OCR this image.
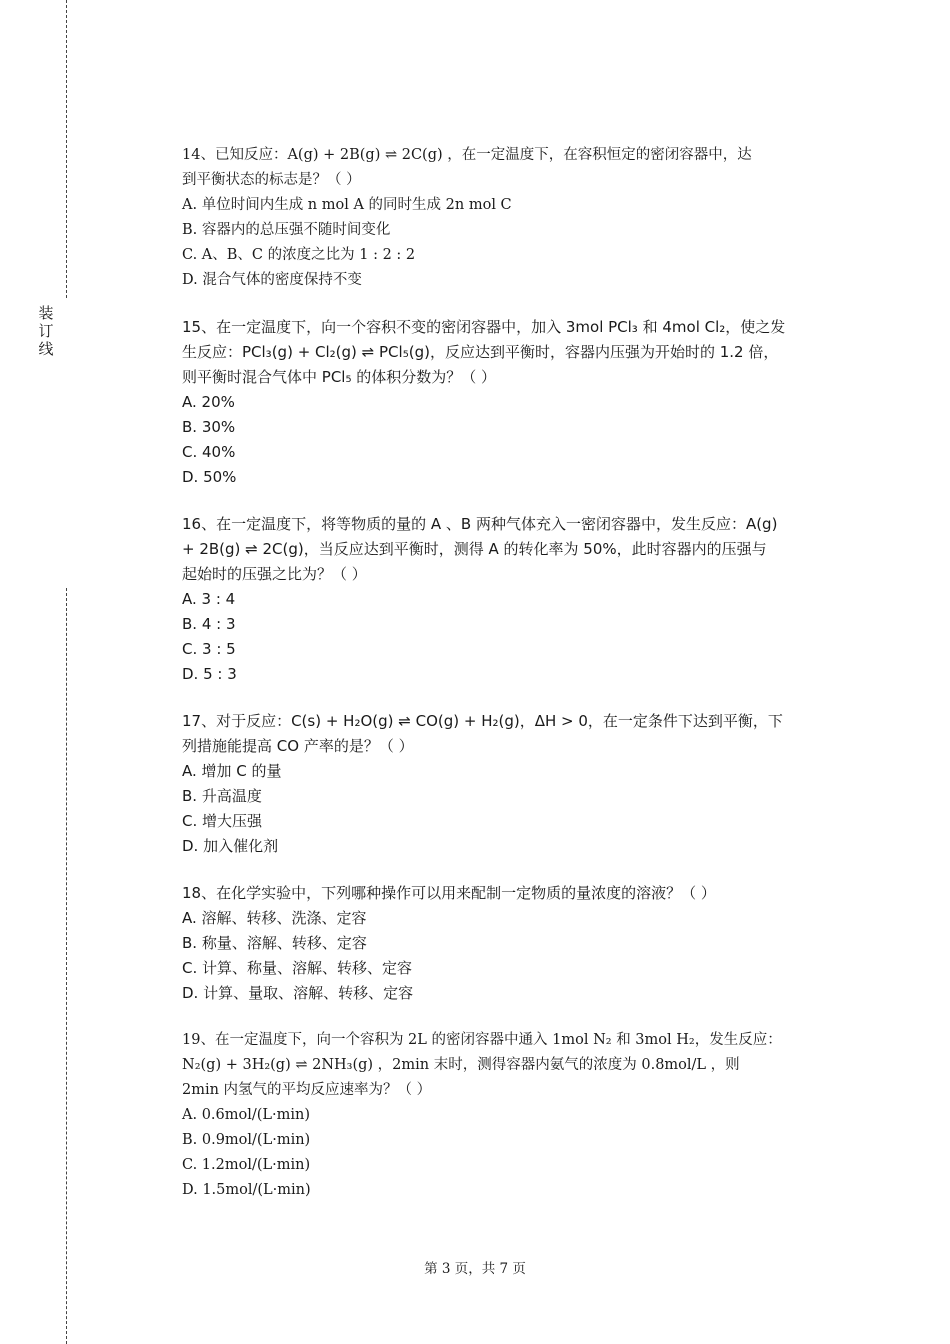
装
订
线
14、已知反应：A(g) + 2B(g) ⇌ 2C(g) ，在一定温度下，在容积恒定的密闭容器中，达
到平衡状态的标志是？（ ）
A. 单位时间内生成 n mol A 的同时生成 2n mol C
B. 容器内的总压强不随时间变化
C. A、B、C 的浓度之比为 1 : 2 : 2
D. 混合气体的密度保持不变
15、在一定温度下，向一个容积不变的密闭容器中，加入 3mol PCl₃ 和 4mol Cl₂，使之发
生反应：PCl₃(g) + Cl₂(g) ⇌ PCl₅(g)，反应达到平衡时，容器内压强为开始时的 1.2 倍，
则平衡时混合气体中 PCl₅ 的体积分数为？（ ）
A. 20%
B. 30%
C. 40%
D. 50%
16、在一定温度下，将等物质的量的 A 、B 两种气体充入一密闭容器中，发生反应：A(g)
+ 2B(g) ⇌ 2C(g)，当反应达到平衡时，测得 A 的转化率为 50%，此时容器内的压强与
起始时的压强之比为？（ ）
A. 3 : 4
B. 4 : 3
C. 3 : 5
D. 5 : 3
17、对于反应：C(s) + H₂O(g) ⇌ CO(g) + H₂(g)，ΔH > 0，在一定条件下达到平衡，下
列措施能提高 CO 产率的是？（ ）
A. 增加 C 的量
B. 升高温度
C. 增大压强
D. 加入催化剂
18、在化学实验中，下列哪种操作可以用来配制一定物质的量浓度的溶液？（ ）
A. 溶解、转移、洗涤、定容
B. 称量、溶解、转移、定容
C. 计算、称量、溶解、转移、定容
D. 计算、量取、溶解、转移、定容
19、在一定温度下，向一个容积为 2L 的密闭容器中通入 1mol N₂ 和 3mol H₂，发生反应：
N₂(g) + 3H₂(g) ⇌ 2NH₃(g) ，2min 末时，测得容器内氨气的浓度为 0.8mol/L ，则
2min 内氢气的平均反应速率为？（ ）
A. 0.6mol/(L·min)
B. 0.9mol/(L·min)
C. 1.2mol/(L·min)
D. 1.5mol/(L·min)
第 3 页，共 7 页
